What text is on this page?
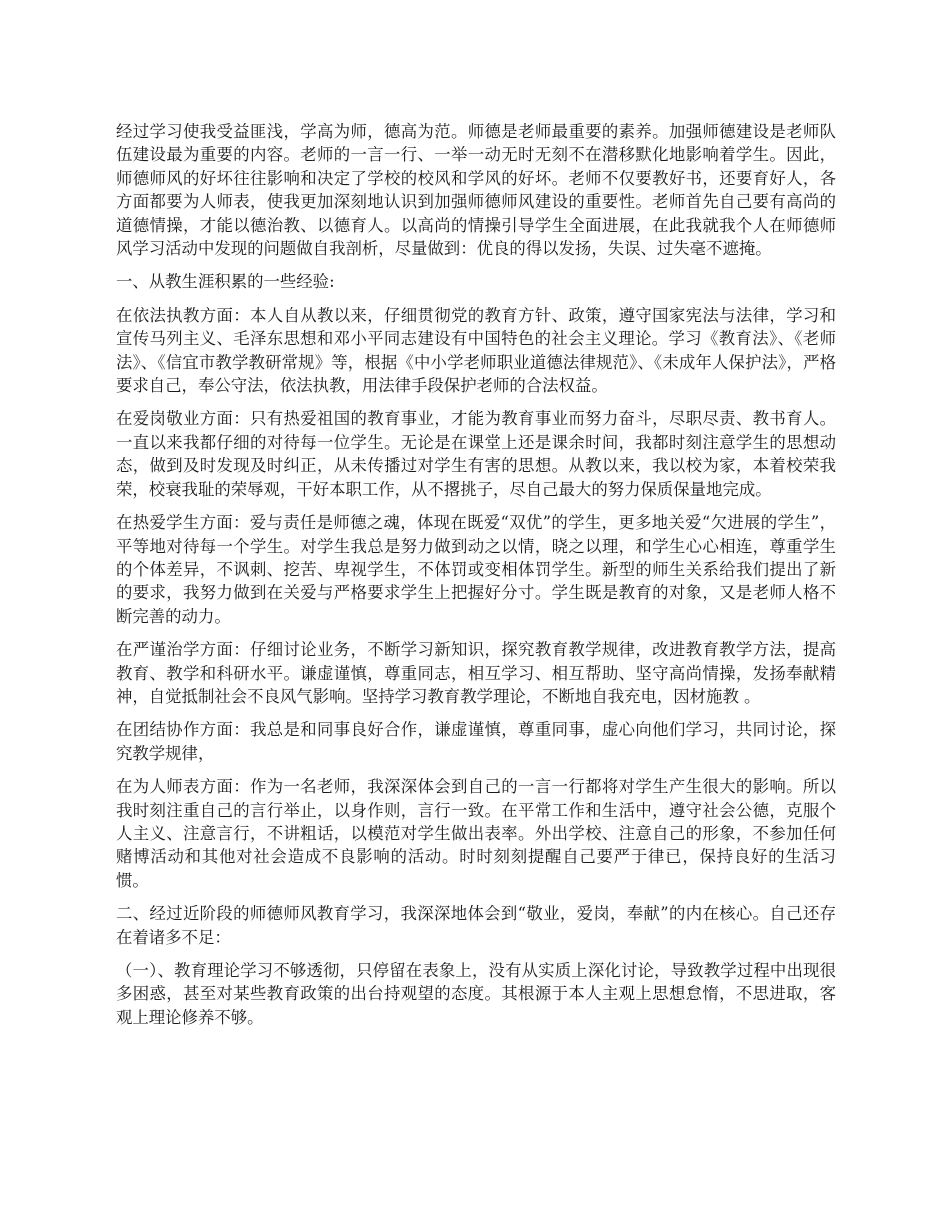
经过学习使我受益匪浅，学高为师，德高为范。师德是老师最重要的素养。加强师德建设是老师队伍建设最为重要的内容。老师的一言一行、一举一动无时无刻不在潜移默化地影响着学生。因此，师德师风的好坏往往影响和决定了学校的校风和学风的好坏。老师不仅要教好书，还要育好人，各方面都要为人师表，使我更加深刻地认识到加强师德师风建设的重要性。老师首先自己要有高尚的道德情操，才能以德治教、以德育人。以高尚的情操引导学生全面进展，在此我就我个人在师德师风学习活动中发现的问题做自我剖析，尽量做到：优良的得以发扬，失误、过失毫不遮掩。

一、从教生涯积累的一些经验:

在依法执教方面：本人自从教以来，仔细贯彻党的教育方针、政策，遵守国家宪法与法律，学习和宣传马列主义、毛泽东思想和邓小平同志建设有中国特色的社会主义理论。学习《教育法》、《老师法》、《信宜市教学教研常规》等，根据《中小学老师职业道德法律规范》、《未成年人保护法》，严格要求自己，奉公守法，依法执教，用法律手段保护老师的合法权益。

在爱岗敬业方面：只有热爱祖国的教育事业，才能为教育事业而努力奋斗，尽职尽责、教书育人。一直以来我都仔细的对待每一位学生。无论是在课堂上还是课余时间，我都时刻注意学生的思想动态，做到及时发现及时纠正，从未传播过对学生有害的思想。从教以来，我以校为家，本着校荣我荣，校衰我耻的荣辱观，干好本职工作，从不撂挑子，尽自己最大的努力保质保量地完成。

在热爱学生方面：爱与责任是师德之魂，体现在既爱“双优”的学生，更多地关爱“欠进展的学生”，平等地对待每一个学生。对学生我总是努力做到动之以情，晓之以理，和学生心心相连，尊重学生的个体差异，不讽刺、挖苦、卑视学生，不体罚或变相体罚学生。新型的师生关系给我们提出了新的要求，我努力做到在关爱与严格要求学生上把握好分寸。学生既是教育的对象，又是老师人格不断完善的动力。

在严谨治学方面：仔细讨论业务，不断学习新知识，探究教育教学规律，改进教育教学方法，提高教育、教学和科研水平。谦虚谨慎，尊重同志，相互学习、相互帮助、坚守高尚情操，发扬奉献精神，自觉抵制社会不良风气影响。坚持学习教育教学理论，不断地自我充电，因材施教 。

在团结协作方面：我总是和同事良好合作，谦虚谨慎，尊重同事，虚心向他们学习，共同讨论，探究教学规律，

在为人师表方面：作为一名老师，我深深体会到自己的一言一行都将对学生产生很大的影响。所以我时刻注重自己的言行举止，以身作则，言行一致。在平常工作和生活中，遵守社会公德，克服个人主义、注意言行，不讲粗话，以模范对学生做出表率。外出学校、注意自己的形象，不参加任何赌博活动和其他对社会造成不良影响的活动。时时刻刻提醒自己要严于律已，保持良好的生活习惯。

二、经过近阶段的师德师风教育学习，我深深地体会到“敬业，爱岗，奉献”的内在核心。自己还存在着诸多不足：

（一）、教育理论学习不够透彻，只停留在表象上，没有从实质上深化讨论，导致教学过程中出现很多困惑，甚至对某些教育政策的出台持观望的态度。其根源于本人主观上思想怠惰，不思进取，客观上理论修养不够。
